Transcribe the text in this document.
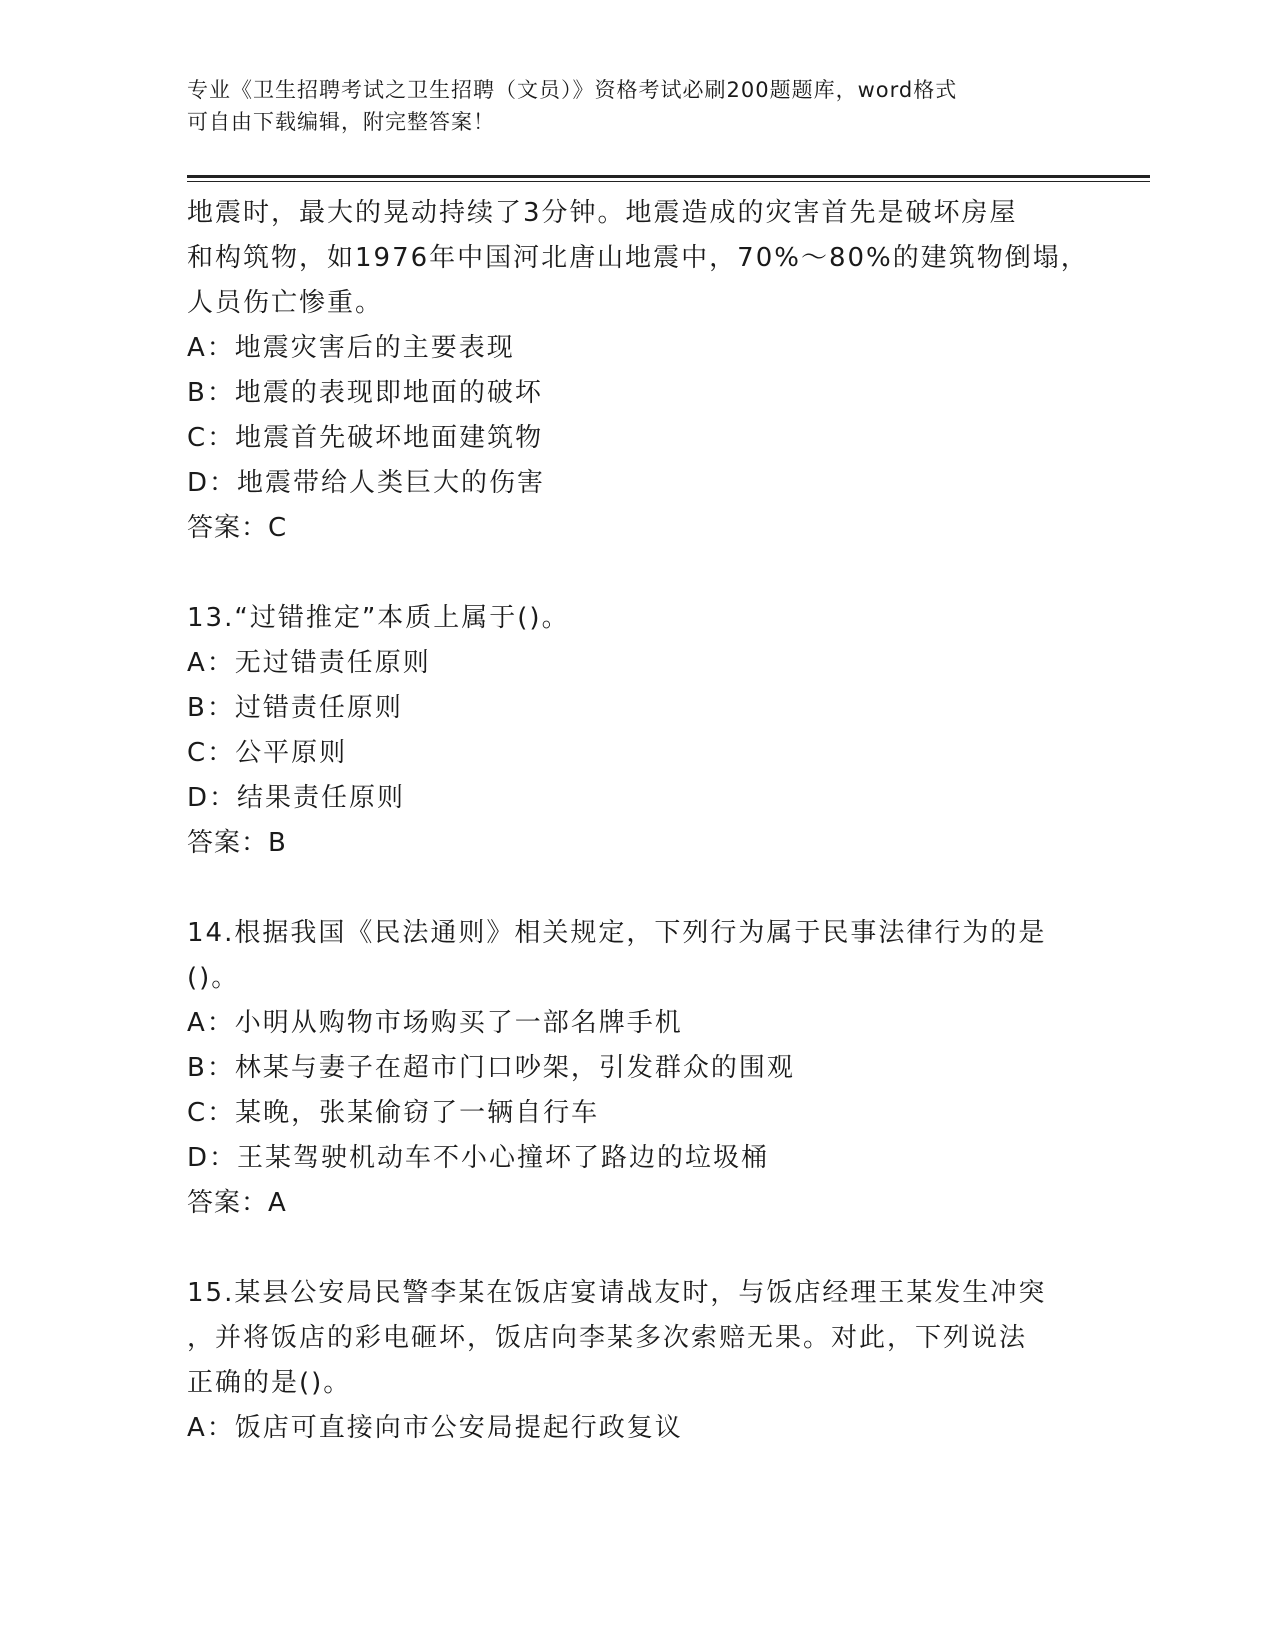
专业《卫生招聘考试之卫生招聘（文员）》资格考试必刷200题题库，word格式
可自由下载编辑，附完整答案！
地震时，最大的晃动持续了3分钟。地震造成的灾害首先是破坏房屋
和构筑物，如1976年中国河北唐山地震中，70%～80%的建筑物倒塌，
人员伤亡惨重。
A：地震灾害后的主要表现
B：地震的表现即地面的破坏
C：地震首先破坏地面建筑物
D：地震带给人类巨大的伤害
答案：C
13.“过错推定”本质上属于()。
A：无过错责任原则
B：过错责任原则
C：公平原则
D：结果责任原则
答案：B
14.根据我国《民法通则》相关规定，下列行为属于民事法律行为的是
()。
A：小明从购物市场购买了一部名牌手机
B：林某与妻子在超市门口吵架，引发群众的围观
C：某晚，张某偷窃了一辆自行车
D：王某驾驶机动车不小心撞坏了路边的垃圾桶
答案：A
15.某县公安局民警李某在饭店宴请战友时，与饭店经理王某发生冲突
，并将饭店的彩电砸坏，饭店向李某多次索赔无果。对此，下列说法
正确的是()。
A：饭店可直接向市公安局提起行政复议
